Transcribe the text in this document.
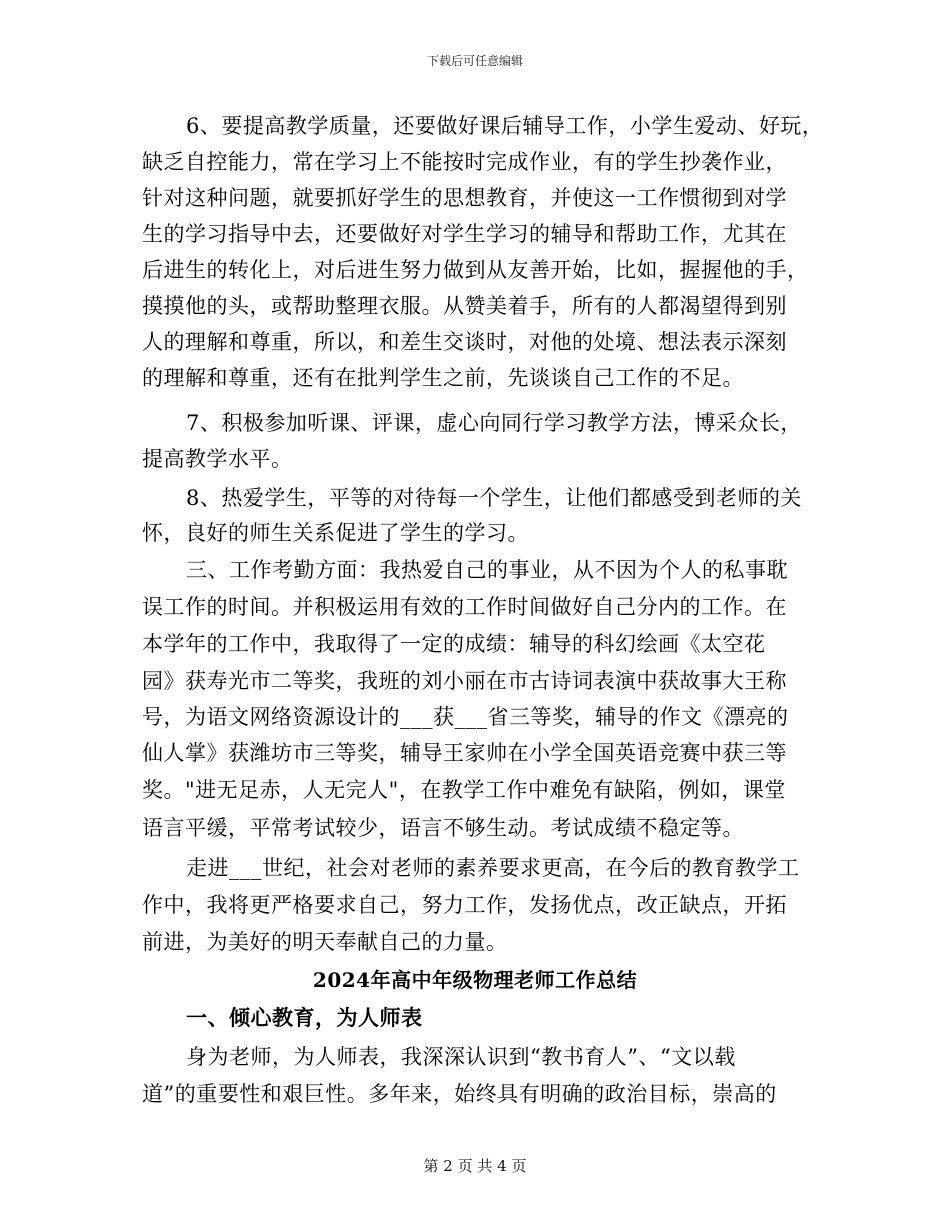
下载后可任意编辑
6、要提高教学质量，还要做好课后辅导工作，小学生爱动、好玩，
缺乏自控能力，常在学习上不能按时完成作业，有的学生抄袭作业，
针对这种问题，就要抓好学生的思想教育，并使这一工作惯彻到对学
生的学习指导中去，还要做好对学生学习的辅导和帮助工作，尤其在
后进生的转化上，对后进生努力做到从友善开始，比如，握握他的手，
摸摸他的头，或帮助整理衣服。从赞美着手，所有的人都渴望得到别
人的理解和尊重，所以，和差生交谈时，对他的处境、想法表示深刻
的理解和尊重，还有在批判学生之前，先谈谈自己工作的不足。
7、积极参加听课、评课，虚心向同行学习教学方法，博采众长，
提高教学水平。
8、热爱学生，平等的对待每一个学生，让他们都感受到老师的关
怀，良好的师生关系促进了学生的学习。
三、工作考勤方面：我热爱自己的事业，从不因为个人的私事耽
误工作的时间。并积极运用有效的工作时间做好自己分内的工作。在
本学年的工作中，我取得了一定的成绩：辅导的科幻绘画《太空花
园》获寿光市二等奖，我班的刘小丽在市古诗词表演中获故事大王称
号，为语文网络资源设计的___获___省三等奖，辅导的作文《漂亮的
仙人掌》获潍坊市三等奖，辅导王家帅在小学全国英语竞赛中获三等
奖。"进无足赤，人无完人"，在教学工作中难免有缺陷，例如，课堂
语言平缓，平常考试较少，语言不够生动。考试成绩不稳定等。
走进___世纪，社会对老师的素养要求更高，在今后的教育教学工
作中，我将更严格要求自己，努力工作，发扬优点，改正缺点，开拓
前进，为美好的明天奉献自己的力量。
2024年高中年级物理老师工作总结
一、倾心教育，为人师表
身为老师，为人师表，我深深认识到“教书育人”、“文以载
道”的重要性和艰巨性。多年来，始终具有明确的政治目标，崇高的
第 2 页 共 4 页
